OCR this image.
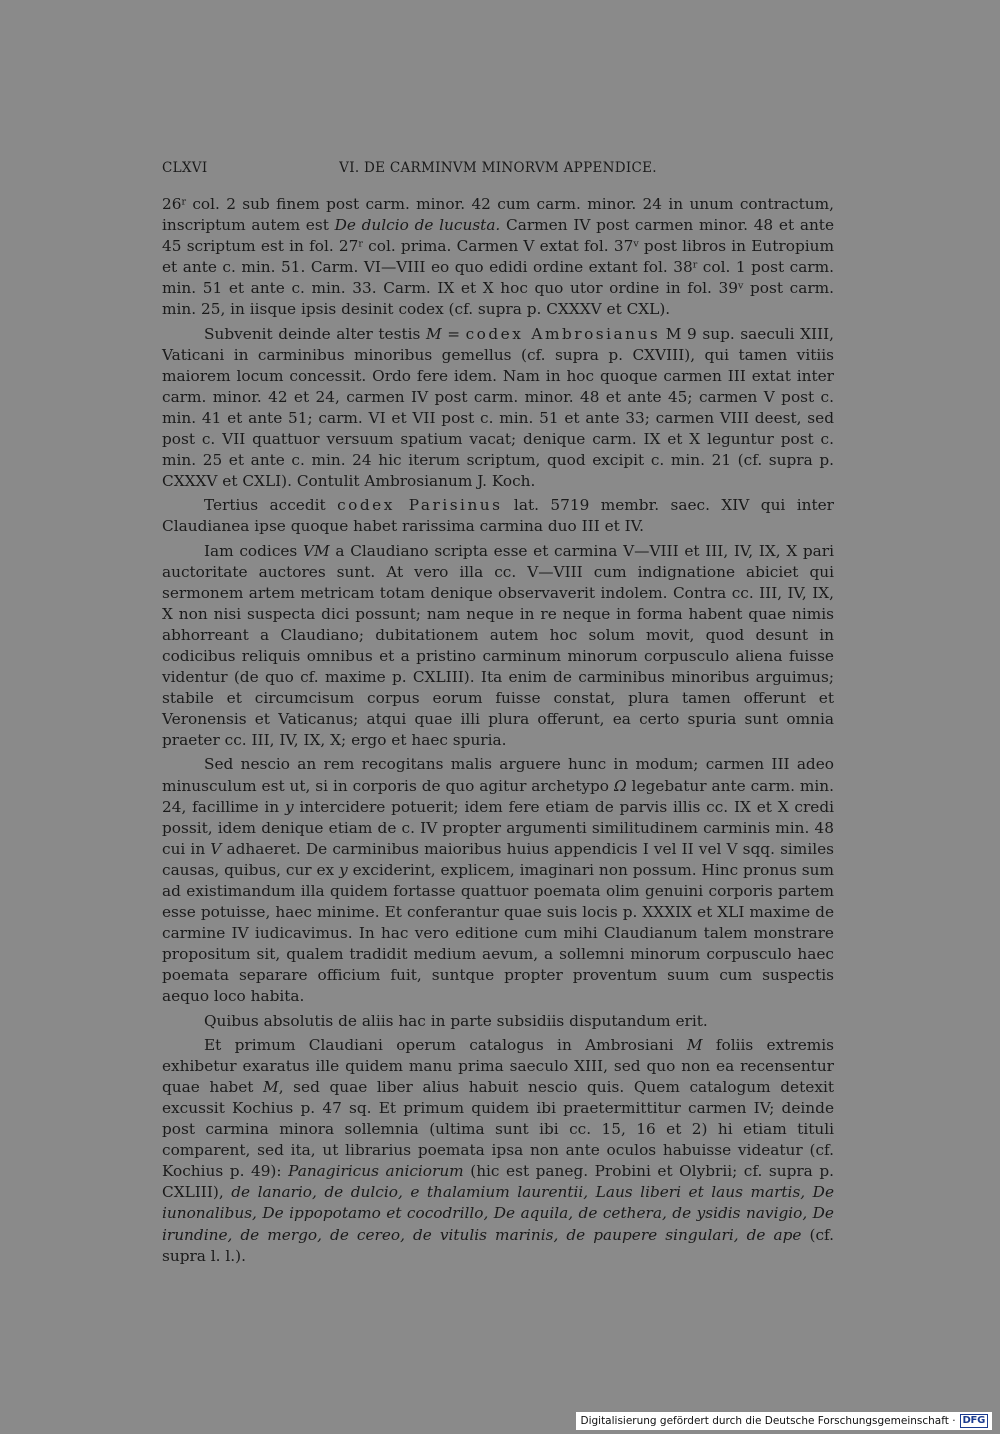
CLXVI	VI. DE CARMINVM MINORVM APPENDICE.

26$^r$ col. 2 sub finem post carm. minor. 42 cum carm. minor. 24 in unum contractum, inscriptum autem est De dulcio de lucusta. Carmen IV post carmen minor. 48 et ante 45 scriptum est in fol. 27$^r$ col. prima. Carmen V extat fol. 37$^v$ post libros in Eutropium et ante c. min. 51. Carm. VI—VIII eo quo edidi ordine extant fol. 38$^r$ col. 1 post carm. min. 51 et ante c. min. 33. Carm. IX et X hoc quo utor ordine in fol. 39$^v$ post carm. min. 25, in iisque ipsis desinit codex (cf. supra p. CXXXV et CXL).

Subvenit deinde alter testis M = codex Ambrosianus M 9 sup. saeculi XIII, Vaticani in carminibus minoribus gemellus (cf. supra p. CXVIII), qui tamen vitiis maiorem locum concessit. Ordo fere idem. Nam in hoc quoque carmen III extat inter carm. minor. 42 et 24, carmen IV post carm. minor. 48 et ante 45; carmen V post c. min. 41 et ante 51; carm. VI et VII post c. min. 51 et ante 33; carmen VIII deest, sed post c. VII quattuor versuum spatium vacat; denique carm. IX et X leguntur post c. min. 25 et ante c. min. 24 hic iterum scriptum, quod excipit c. min. 21 (cf. supra p. CXXXV et CXLI). Contulit Ambrosianum J. Koch.

Tertius accedit codex Parisinus lat. 5719 membr. saec. XIV qui inter Claudianea ipse quoque habet rarissima carmina duo III et IV.

Iam codices VM a Claudiano scripta esse et carmina V—VIII et III, IV, IX, X pari auctoritate auctores sunt. At vero illa cc. V—VIII cum indignatione abiciet qui sermonem artem metricam totam denique observaverit indolem. Contra cc. III, IV, IX, X non nisi suspecta dici possunt; nam neque in re neque in forma habent quae nimis abhorreant a Claudiano; dubitationem autem hoc solum movit, quod desunt in codicibus reliquis omnibus et a pristino carminum minorum corpusculo aliena fuisse videntur (de quo cf. maxime p. CXLIII). Ita enim de carminibus minoribus arguimus; stabile et circumcisum corpus eorum fuisse constat, plura tamen offerunt et Veronensis et Vaticanus; atqui quae illi plura offerunt, ea certo spuria sunt omnia praeter cc. III, IV, IX, X; ergo et haec spuria.

Sed nescio an rem recogitans malis arguere hunc in modum; carmen III adeo minusculum est ut, si in corporis de quo agitur archetypo Ω legebatur ante carm. min. 24, facillime in y intercidere potuerit; idem fere etiam de parvis illis cc. IX et X credi possit, idem denique etiam de c. IV propter argumenti similitudinem carminis min. 48 cui in V adhaeret. De carminibus maioribus huius appendicis I vel II vel V sqq. similes causas, quibus, cur ex y exciderint, explicem, imaginari non possum. Hinc pronus sum ad existimandum illa quidem fortasse quattuor poemata olim genuini corporis partem esse potuisse, haec minime. Et conferantur quae suis locis p. XXXIX et XLI maxime de carmine IV iudicavimus. In hac vero editione cum mihi Claudianum talem monstrare propositum sit, qualem tradidit medium aevum, a sollemni minorum corpusculo haec poemata separare officium fuit, suntque propter proventum suum cum suspectis aequo loco habita.

Quibus absolutis de aliis hac in parte subsidiis disputandum erit.

Et primum Claudiani operum catalogus in Ambrosiani M foliis extremis exhibetur exaratus ille quidem manu prima saeculo XIII, sed quo non ea recensentur quae habet M, sed quae liber alius habuit nescio quis. Quem catalogum detexit excussit Kochius p. 47 sq. Et primum quidem ibi praetermittitur carmen IV; deinde post carmina minora sollemnia (ultima sunt ibi cc. 15, 16 et 2) hi etiam tituli comparent, sed ita, ut librarius poemata ipsa non ante oculos habuisse videatur (cf. Kochius p. 49): Panagiricus aniciorum (hic est paneg. Probini et Olybrii; cf. supra p. CXLIII), de lanario, de dulcio, e thalamium laurentii, Laus liberi et laus martis, De iunonalibus, De ippopotamo et cocodrillo, De aquila, de cethera, de ysidis navigio, De irundine, de mergo, de cereo, de vitulis marinis, de paupere singulari, de ape (cf. supra l. l.).

Digitalisierung gefördert durch die Deutsche Forschungsgemeinschaft · DFG
